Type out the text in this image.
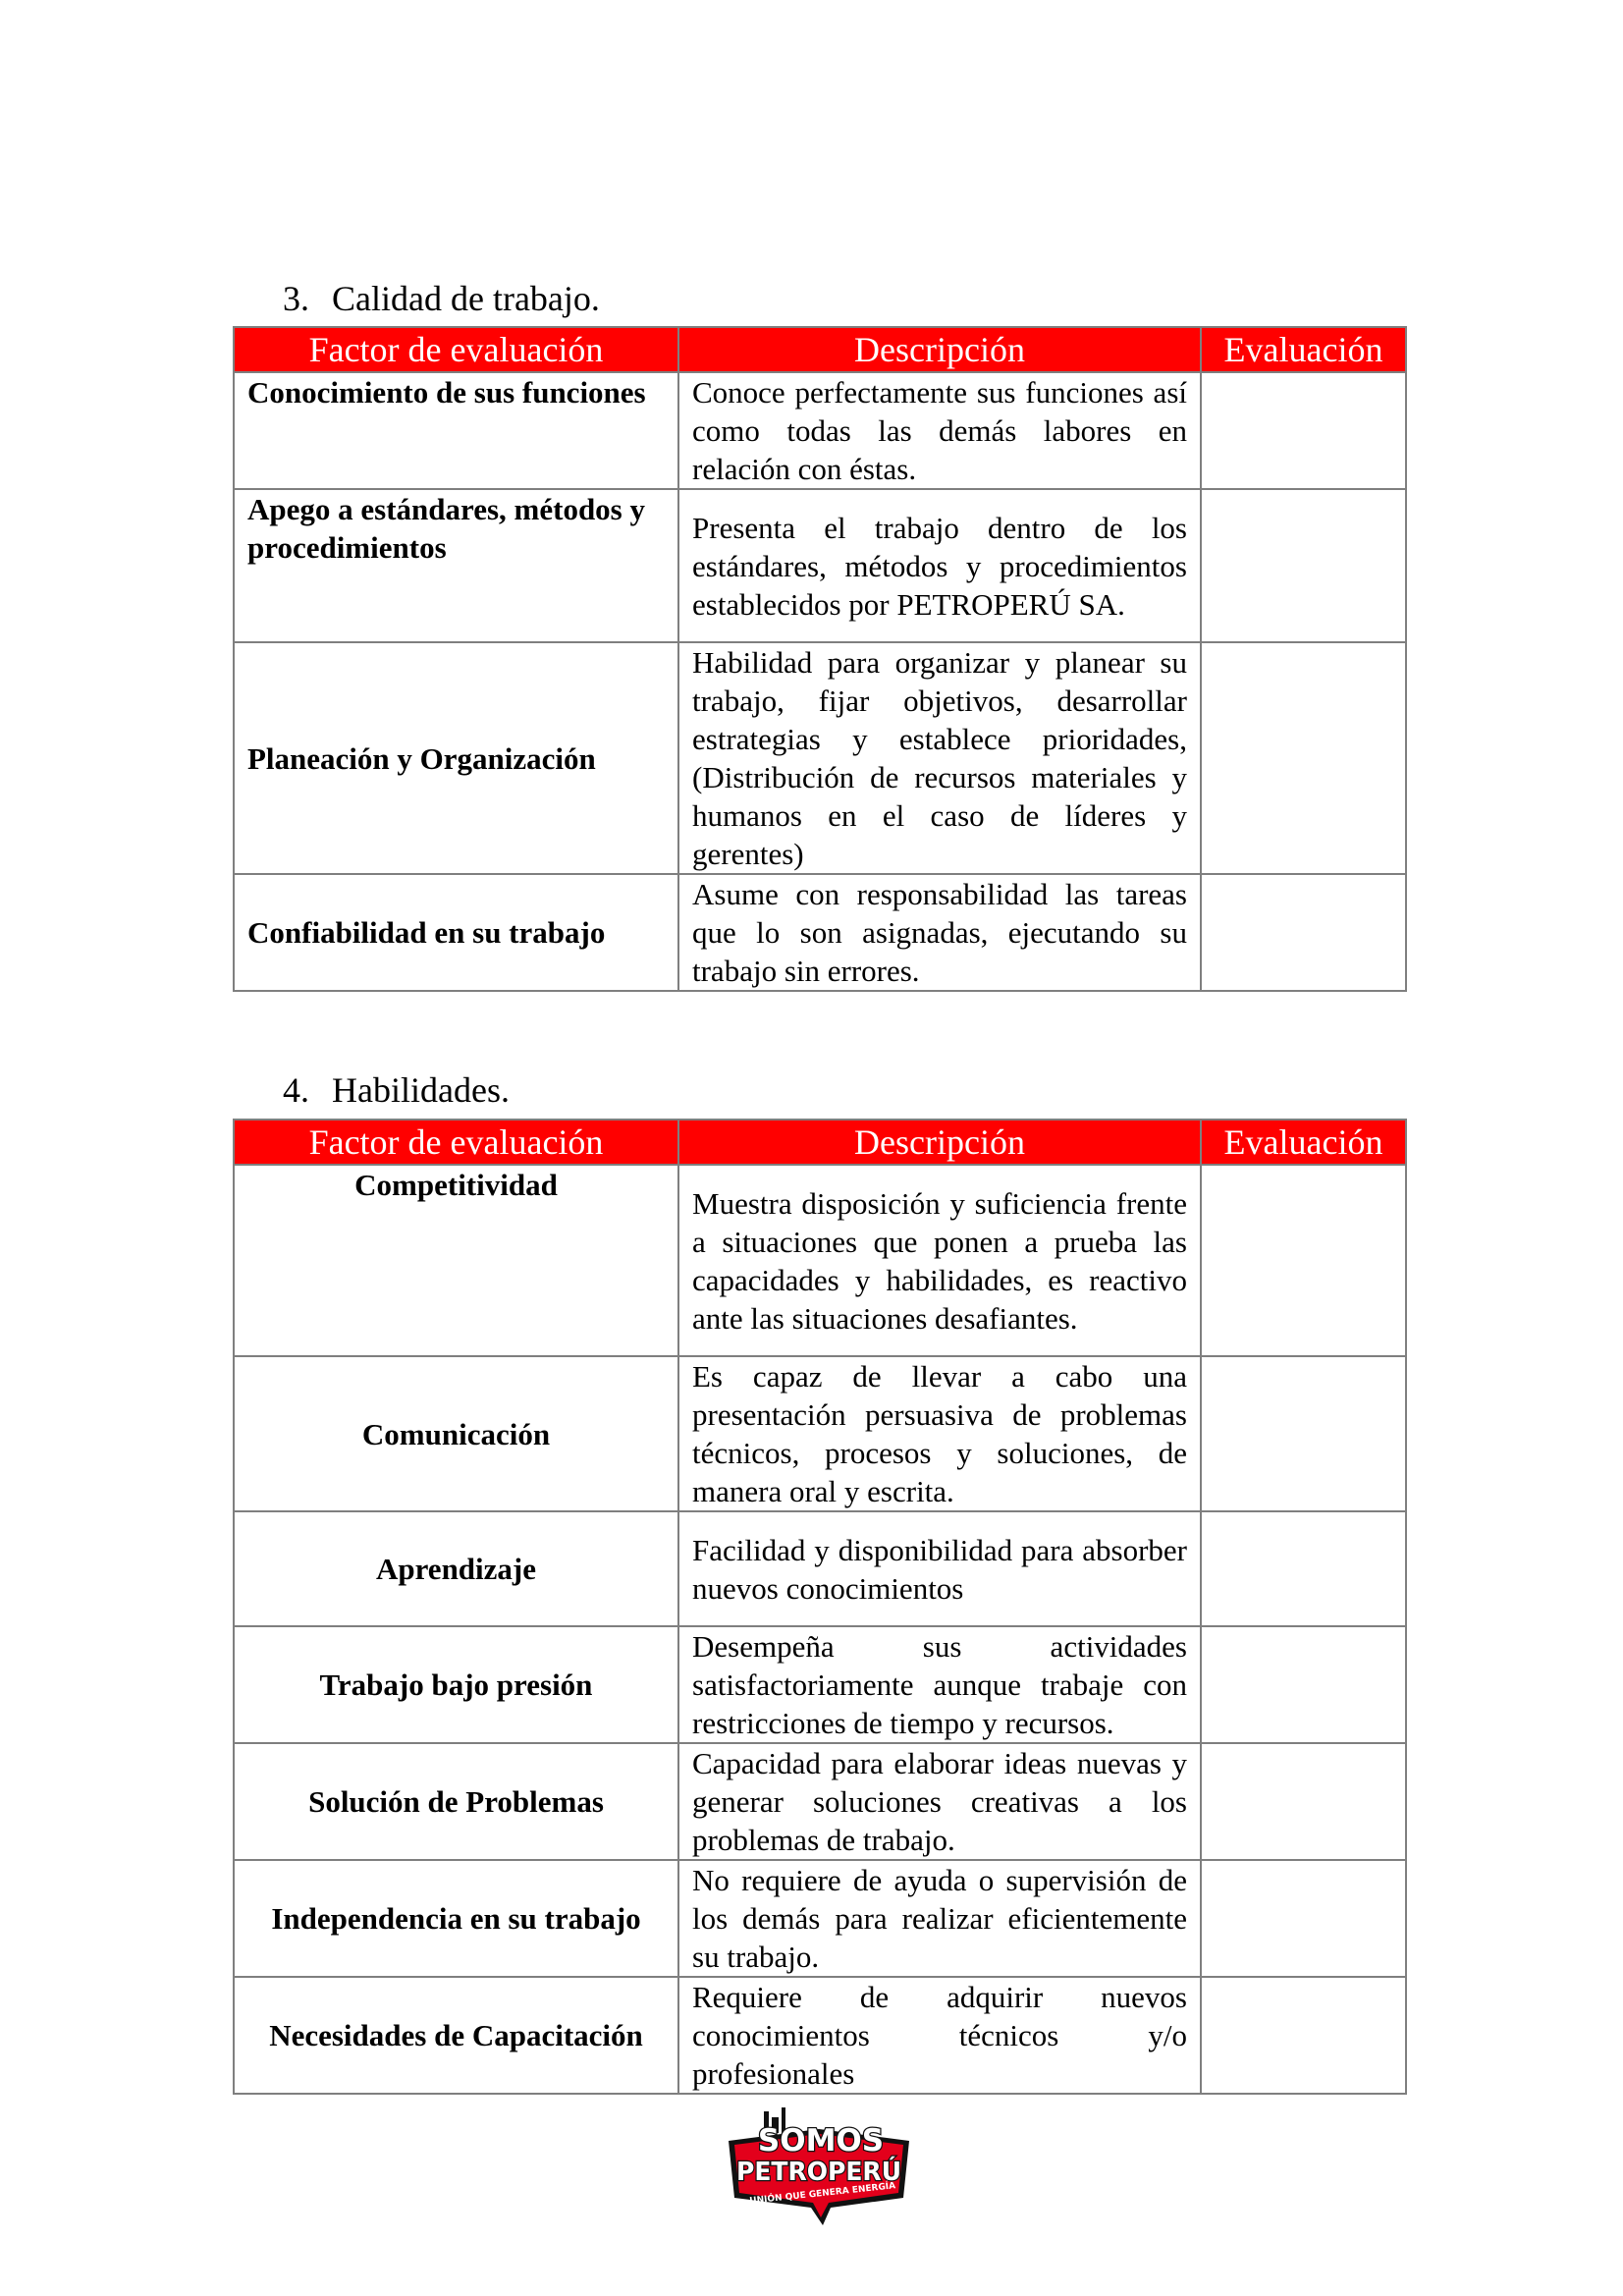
3. Calidad de trabajo.
Factor de evaluación	Descripción	Evaluación
Conocimiento de sus funciones	Conoce perfectamente sus funciones así como todas las demás labores en relación con éstas.	
Apego a estándares, métodos y procedimientos	Presenta el trabajo dentro de los estándares, métodos y procedimientos establecidos por PETROPERÚ SA.	
Planeación y Organización	Habilidad para organizar y planear su trabajo, fijar objetivos, desarrollar estrategias y establece prioridades, (Distribución de recursos materiales y humanos en el caso de líderes y gerentes)	
Confiabilidad en su trabajo	Asume con responsabilidad las tareas que lo son asignadas, ejecutando su trabajo sin errores.	
4. Habilidades.
Factor de evaluación	Descripción	Evaluación
Competitividad	Muestra disposición y suficiencia frente a situaciones que ponen a prueba las capacidades y habilidades, es reactivo ante las situaciones desafiantes.	
Comunicación	Es capaz de llevar a cabo una presentación persuasiva de problemas técnicos, procesos y soluciones, de manera oral y escrita.	
Aprendizaje	Facilidad y disponibilidad para absorber nuevos conocimientos	
Trabajo bajo presión	Desempeña sus actividades satisfactoriamente aunque trabaje con restricciones de tiempo y recursos.	
Solución de Problemas	Capacidad para elaborar ideas nuevas y generar soluciones creativas a los problemas de trabajo.	
Independencia en su trabajo	No requiere de ayuda o supervisión de los demás para realizar eficientemente su trabajo.	
Necesidades de Capacitación	Requiere de adquirir nuevos conocimientos técnicos y/o profesionales	
SOMOS
PETROPERÚ
UNIÓN QUE GENERA ENERGÍA
